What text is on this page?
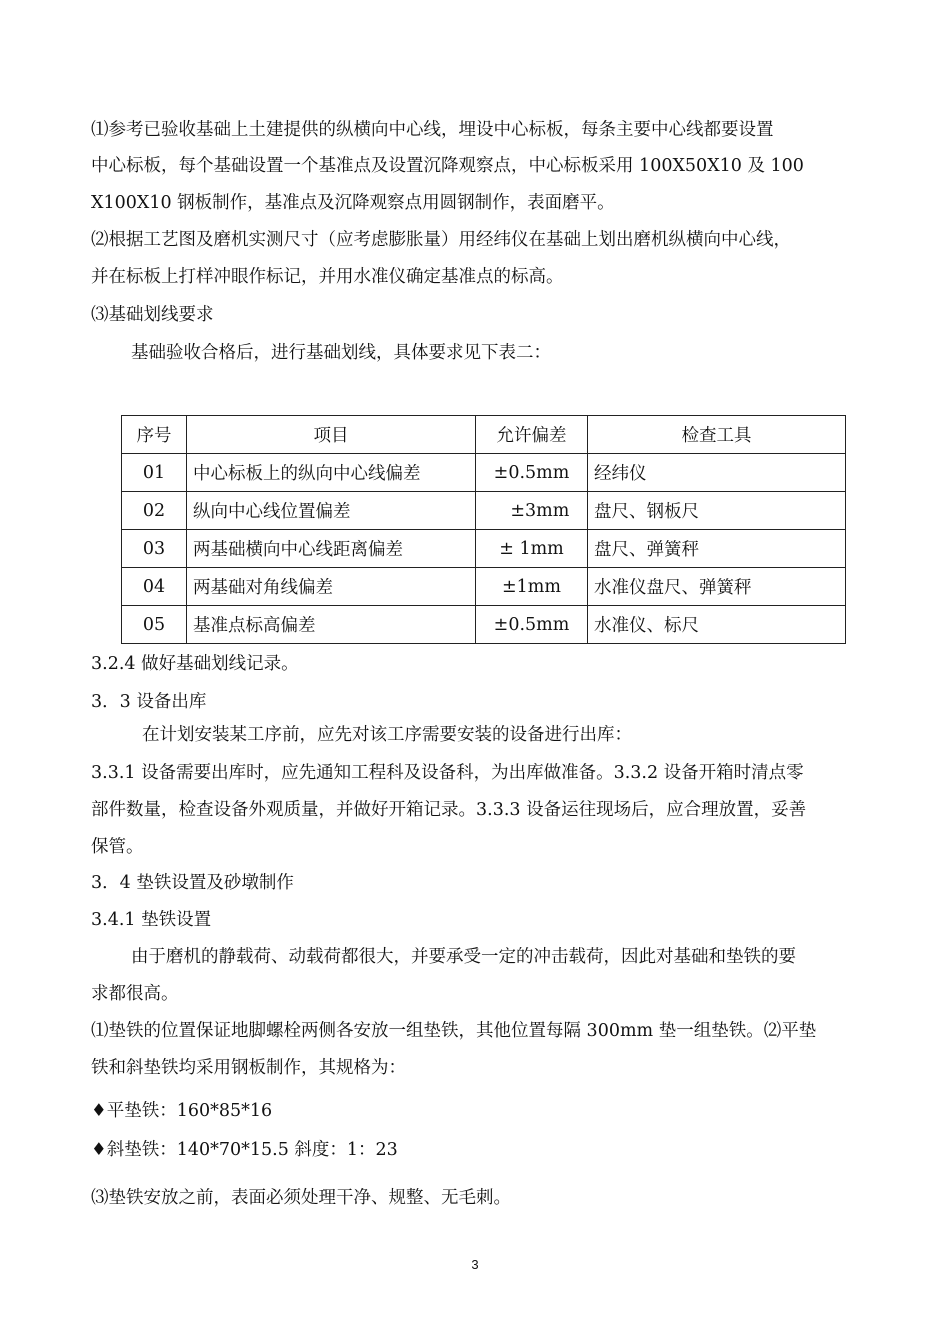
⑴参考已验收基础上土建提供的纵横向中心线，埋设中心标板，每条主要中心线都要设置
中心标板，每个基础设置一个基准点及设置沉降观察点，中心标板采用 100X50X10 及 100
X100X10 钢板制作，基准点及沉降观察点用圆钢制作，表面磨平。
⑵根据工艺图及磨机实测尺寸（应考虑膨胀量）用经纬仪在基础上划出磨机纵横向中心线，
并在标板上打样冲眼作标记，并用水准仪确定基准点的标高。
⑶基础划线要求
基础验收合格后，进行基础划线，具体要求见下表二：
序号	项目	允许偏差	检查工具
01	中心标板上的纵向中心线偏差	±0.5mm	经纬仪
02	纵向中心线位置偏差	±3mm	盘尺、钢板尺
03	两基础横向中心线距离偏差	± 1mm	盘尺、弹簧秤
04	两基础对角线偏差	±1mm	水准仪盘尺、弹簧秤
05	基准点标高偏差	±0.5mm	水准仪、标尺
3.2.4 做好基础划线记录。
3．3 设备出库
在计划安装某工序前，应先对该工序需要安装的设备进行出库：
3.3.1 设备需要出库时，应先通知工程科及设备科，为出库做准备。3.3.2 设备开箱时清点零
部件数量，检查设备外观质量，并做好开箱记录。3.3.3 设备运往现场后，应合理放置，妥善
保管。
3．4 垫铁设置及砂墩制作
3.4.1 垫铁设置
由于磨机的静载荷、动载荷都很大，并要承受一定的冲击载荷，因此对基础和垫铁的要
求都很高。
⑴垫铁的位置保证地脚螺栓两侧各安放一组垫铁，其他位置每隔 300mm 垫一组垫铁。⑵平垫
铁和斜垫铁均采用钢板制作，其规格为：
♦平垫铁：160*85*16
♦斜垫铁：140*70*15.5 斜度：1：23
⑶垫铁安放之前，表面必须处理干净、规整、无毛刺。
3
